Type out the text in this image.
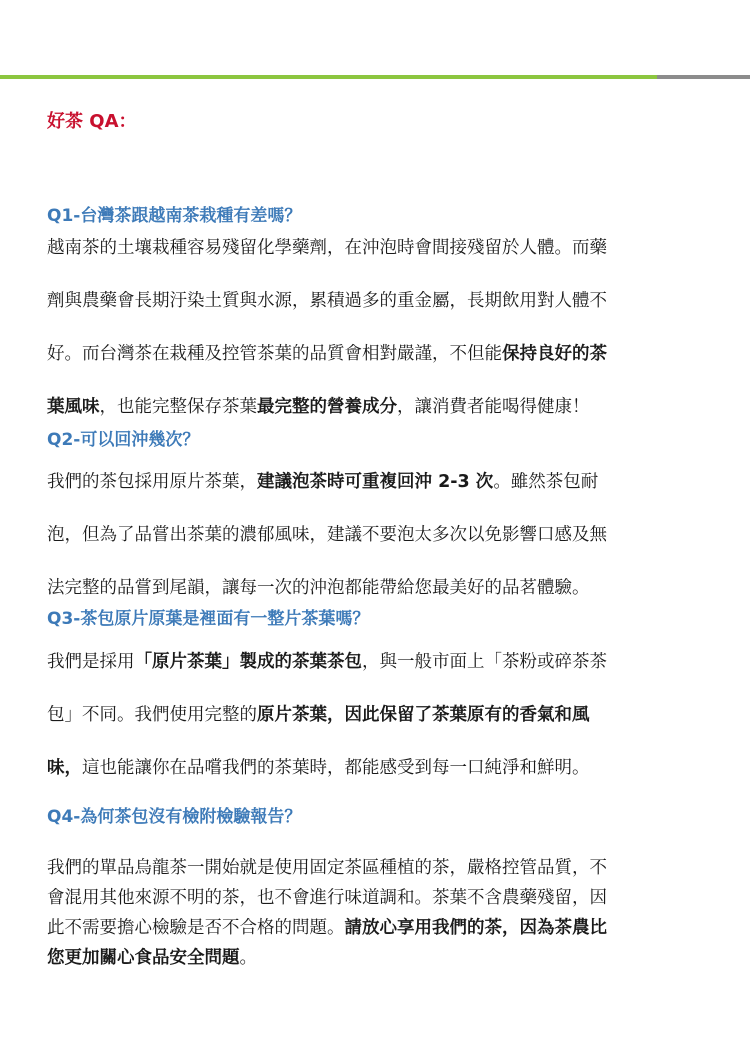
好茶 QA：
Q1-台灣茶跟越南茶栽種有差嗎？
越南茶的土壤栽種容易殘留化學藥劑，在沖泡時會間接殘留於人體。而藥
劑與農藥會長期汙染土質與水源，累積過多的重金屬，長期飲用對人體不
好。而台灣茶在栽種及控管茶葉的品質會相對嚴謹，不但能保持良好的茶
葉風味，也能完整保存茶葉最完整的營養成分，讓消費者能喝得健康！
Q2-可以回沖幾次？
我們的茶包採用原片茶葉，建議泡茶時可重複回沖 2-3 次。雖然茶包耐
泡，但為了品嘗出茶葉的濃郁風味，建議不要泡太多次以免影響口感及無
法完整的品嘗到尾韻，讓每一次的沖泡都能帶給您最美好的品茗體驗。
Q3-茶包原片原葉是裡面有一整片茶葉嗎？
我們是採用「原片茶葉」製成的茶葉茶包，與一般市面上「茶粉或碎茶茶
包」不同。我們使用完整的原片茶葉，因此保留了茶葉原有的香氣和風
味，這也能讓你在品嚐我們的茶葉時，都能感受到每一口純淨和鮮明。
Q4-為何茶包沒有檢附檢驗報告？
我們的單品烏龍茶一開始就是使用固定茶區種植的茶，嚴格控管品質，不
會混用其他來源不明的茶，也不會進行味道調和。茶葉不含農藥殘留，因
此不需要擔心檢驗是否不合格的問題。請放心享用我們的茶，因為茶農比
您更加關心食品安全問題。
